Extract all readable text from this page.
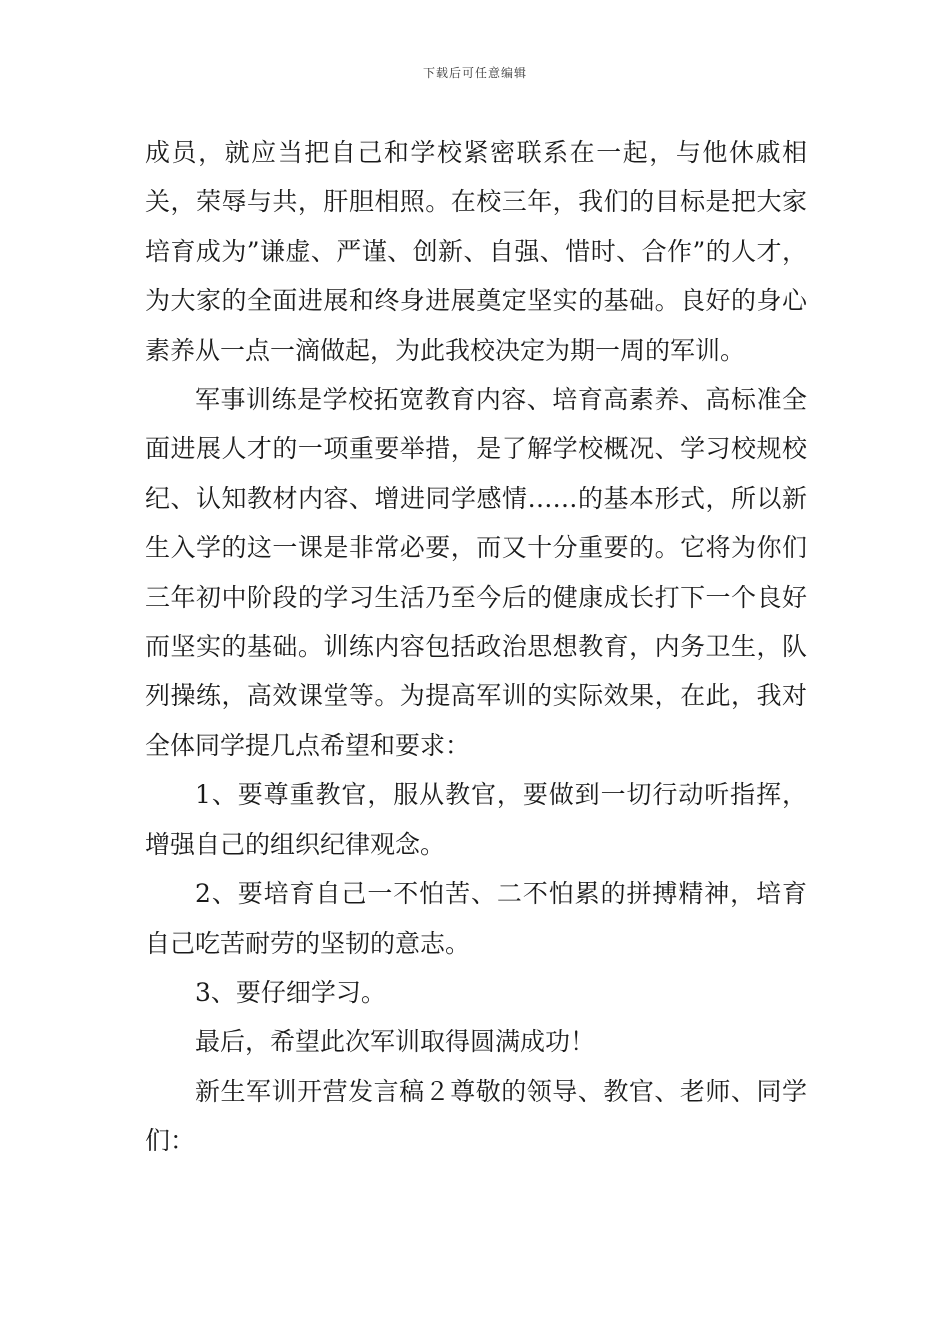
下载后可任意编辑

成员，就应当把自己和学校紧密联系在一起，与他休戚相关，荣辱与共，肝胆相照。在校三年，我们的目标是把大家培育成为”谦虚、严谨、创新、自强、惜时、合作”的人才，为大家的全面进展和终身进展奠定坚实的基础。良好的身心素养从一点一滴做起，为此我校决定为期一周的军训。

军事训练是学校拓宽教育内容、培育高素养、高标准全面进展人才的一项重要举措，是了解学校概况、学习校规校纪、认知教材内容、增进同学感情……的基本形式，所以新生入学的这一课是非常必要，而又十分重要的。它将为你们三年初中阶段的学习生活乃至今后的健康成长打下一个良好而坚实的基础。训练内容包括政治思想教育，内务卫生，队列操练，高效课堂等。为提高军训的实际效果，在此，我对全体同学提几点希望和要求：

1、要尊重教官，服从教官，要做到一切行动听指挥，增强自己的组织纪律观念。

2、要培育自己一不怕苦、二不怕累的拼搏精神，培育自己吃苦耐劳的坚韧的意志。

3、要仔细学习。

最后，希望此次军训取得圆满成功！

新生军训开营发言稿２尊敬的领导、教官、老师、同学们：
